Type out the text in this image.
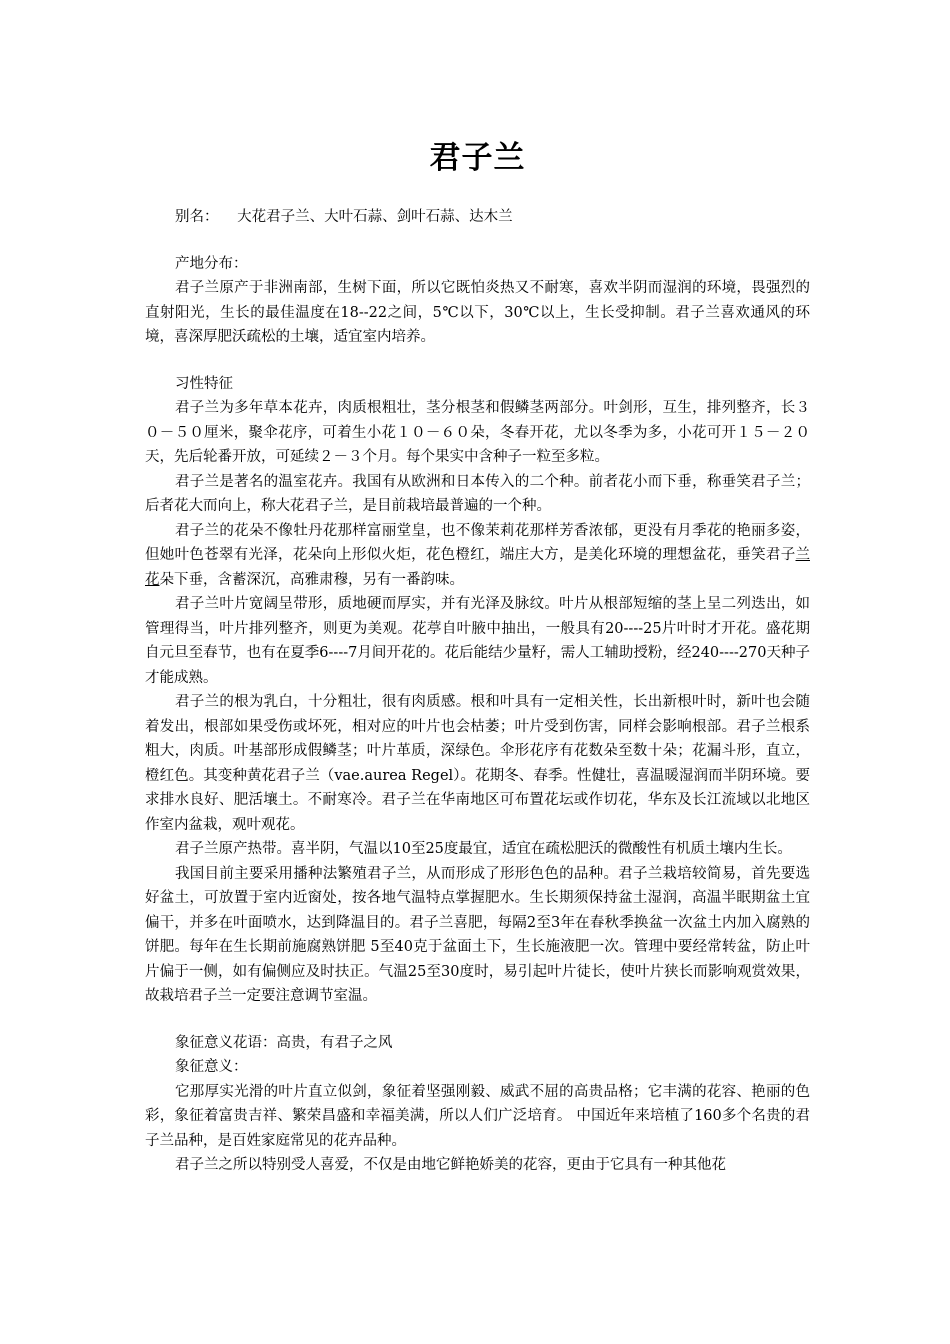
君子兰
别名： 大花君子兰、大叶石蒜、剑叶石蒜、达木兰
产地分布：

君子兰原产于非洲南部，生树下面，所以它既怕炎热又不耐寒，喜欢半阴而湿润的环境，畏强烈的直射阳光，生长的最佳温度在18--22之间，5℃以下，30℃以上，生长受抑制。君子兰喜欢通风的环境，喜深厚肥沃疏松的土壤，适宜室内培养。

习性特征

君子兰为多年草本花卉，肉质根粗壮，茎分根茎和假鳞茎两部分。叶剑形，互生，排列整齐，长３０－５０厘米，聚伞花序，可着生小花１０－６０朵，冬春开花，尤以冬季为多，小花可开１５－２０天，先后轮番开放，可延续２－３个月。每个果实中含种子一粒至多粒。

君子兰是著名的温室花卉。我国有从欧洲和日本传入的二个种。前者花小而下垂，称垂笑君子兰；后者花大而向上，称大花君子兰，是目前栽培最普遍的一个种。

君子兰的花朵不像牡丹花那样富丽堂皇，也不像茉莉花那样芳香浓郁，更没有月季花的艳丽多姿，但她叶色苍翠有光泽，花朵向上形似火炬，花色橙红，端庄大方，是美化环境的理想盆花，垂笑君子兰花朵下垂，含蓄深沉，高雅肃穆，另有一番韵味。

君子兰叶片宽阔呈带形，质地硬而厚实，并有光泽及脉纹。叶片从根部短缩的茎上呈二列迭出，如管理得当，叶片排列整齐，则更为美观。花葶自叶腋中抽出，一般具有20----25片叶时才开花。盛花期自元旦至春节，也有在夏季6----7月间开花的。花后能结少量籽，需人工辅助授粉，经240----270天种子才能成熟。

君子兰的根为乳白，十分粗壮，很有肉质感。根和叶具有一定相关性，长出新根叶时，新叶也会随着发出，根部如果受伤或坏死，相对应的叶片也会枯萎；叶片受到伤害，同样会影响根部。君子兰根系粗大，肉质。叶基部形成假鳞茎；叶片革质，深绿色。伞形花序有花数朵至数十朵；花漏斗形，直立，橙红色。其变种黄花君子兰（vae.aurea Regel）。花期冬、春季。性健壮，喜温暖湿润而半阴环境。要求排水良好、肥活壤土。不耐寒冷。君子兰在华南地区可布置花坛或作切花，华东及长江流域以北地区作室内盆栽，观叶观花。

君子兰原产热带。喜半阴，气温以10至25度最宜，适宜在疏松肥沃的微酸性有机质土壤内生长。

我国目前主要采用播种法繁殖君子兰，从而形成了形形色色的品种。君子兰栽培较简易，首先要选好盆土，可放置于室内近窗处，按各地气温特点掌握肥水。生长期须保持盆土湿润，高温半眠期盆土宜偏干，并多在叶面喷水，达到降温目的。君子兰喜肥，每隔2至3年在春秋季换盆一次盆土内加入腐熟的饼肥。每年在生长期前施腐熟饼肥 5至40克于盆面土下，生长施液肥一次。管理中要经常转盆，防止叶片偏于一侧，如有偏侧应及时扶正。气温25至30度时，易引起叶片徒长，使叶片狭长而影响观赏效果，故栽培君子兰一定要注意调节室温。

象征意义花语：高贵，有君子之风
象征意义：

它那厚实光滑的叶片直立似剑，象征着坚强刚毅、威武不屈的高贵品格；它丰满的花容、艳丽的色彩，象征着富贵吉祥、繁荣昌盛和幸福美满，所以人们广泛培育。 中国近年来培植了160多个名贵的君子兰品种，是百姓家庭常见的花卉品种。

君子兰之所以特别受人喜爱，不仅是由地它鲜艳娇美的花容，更由于它具有一种其他花
